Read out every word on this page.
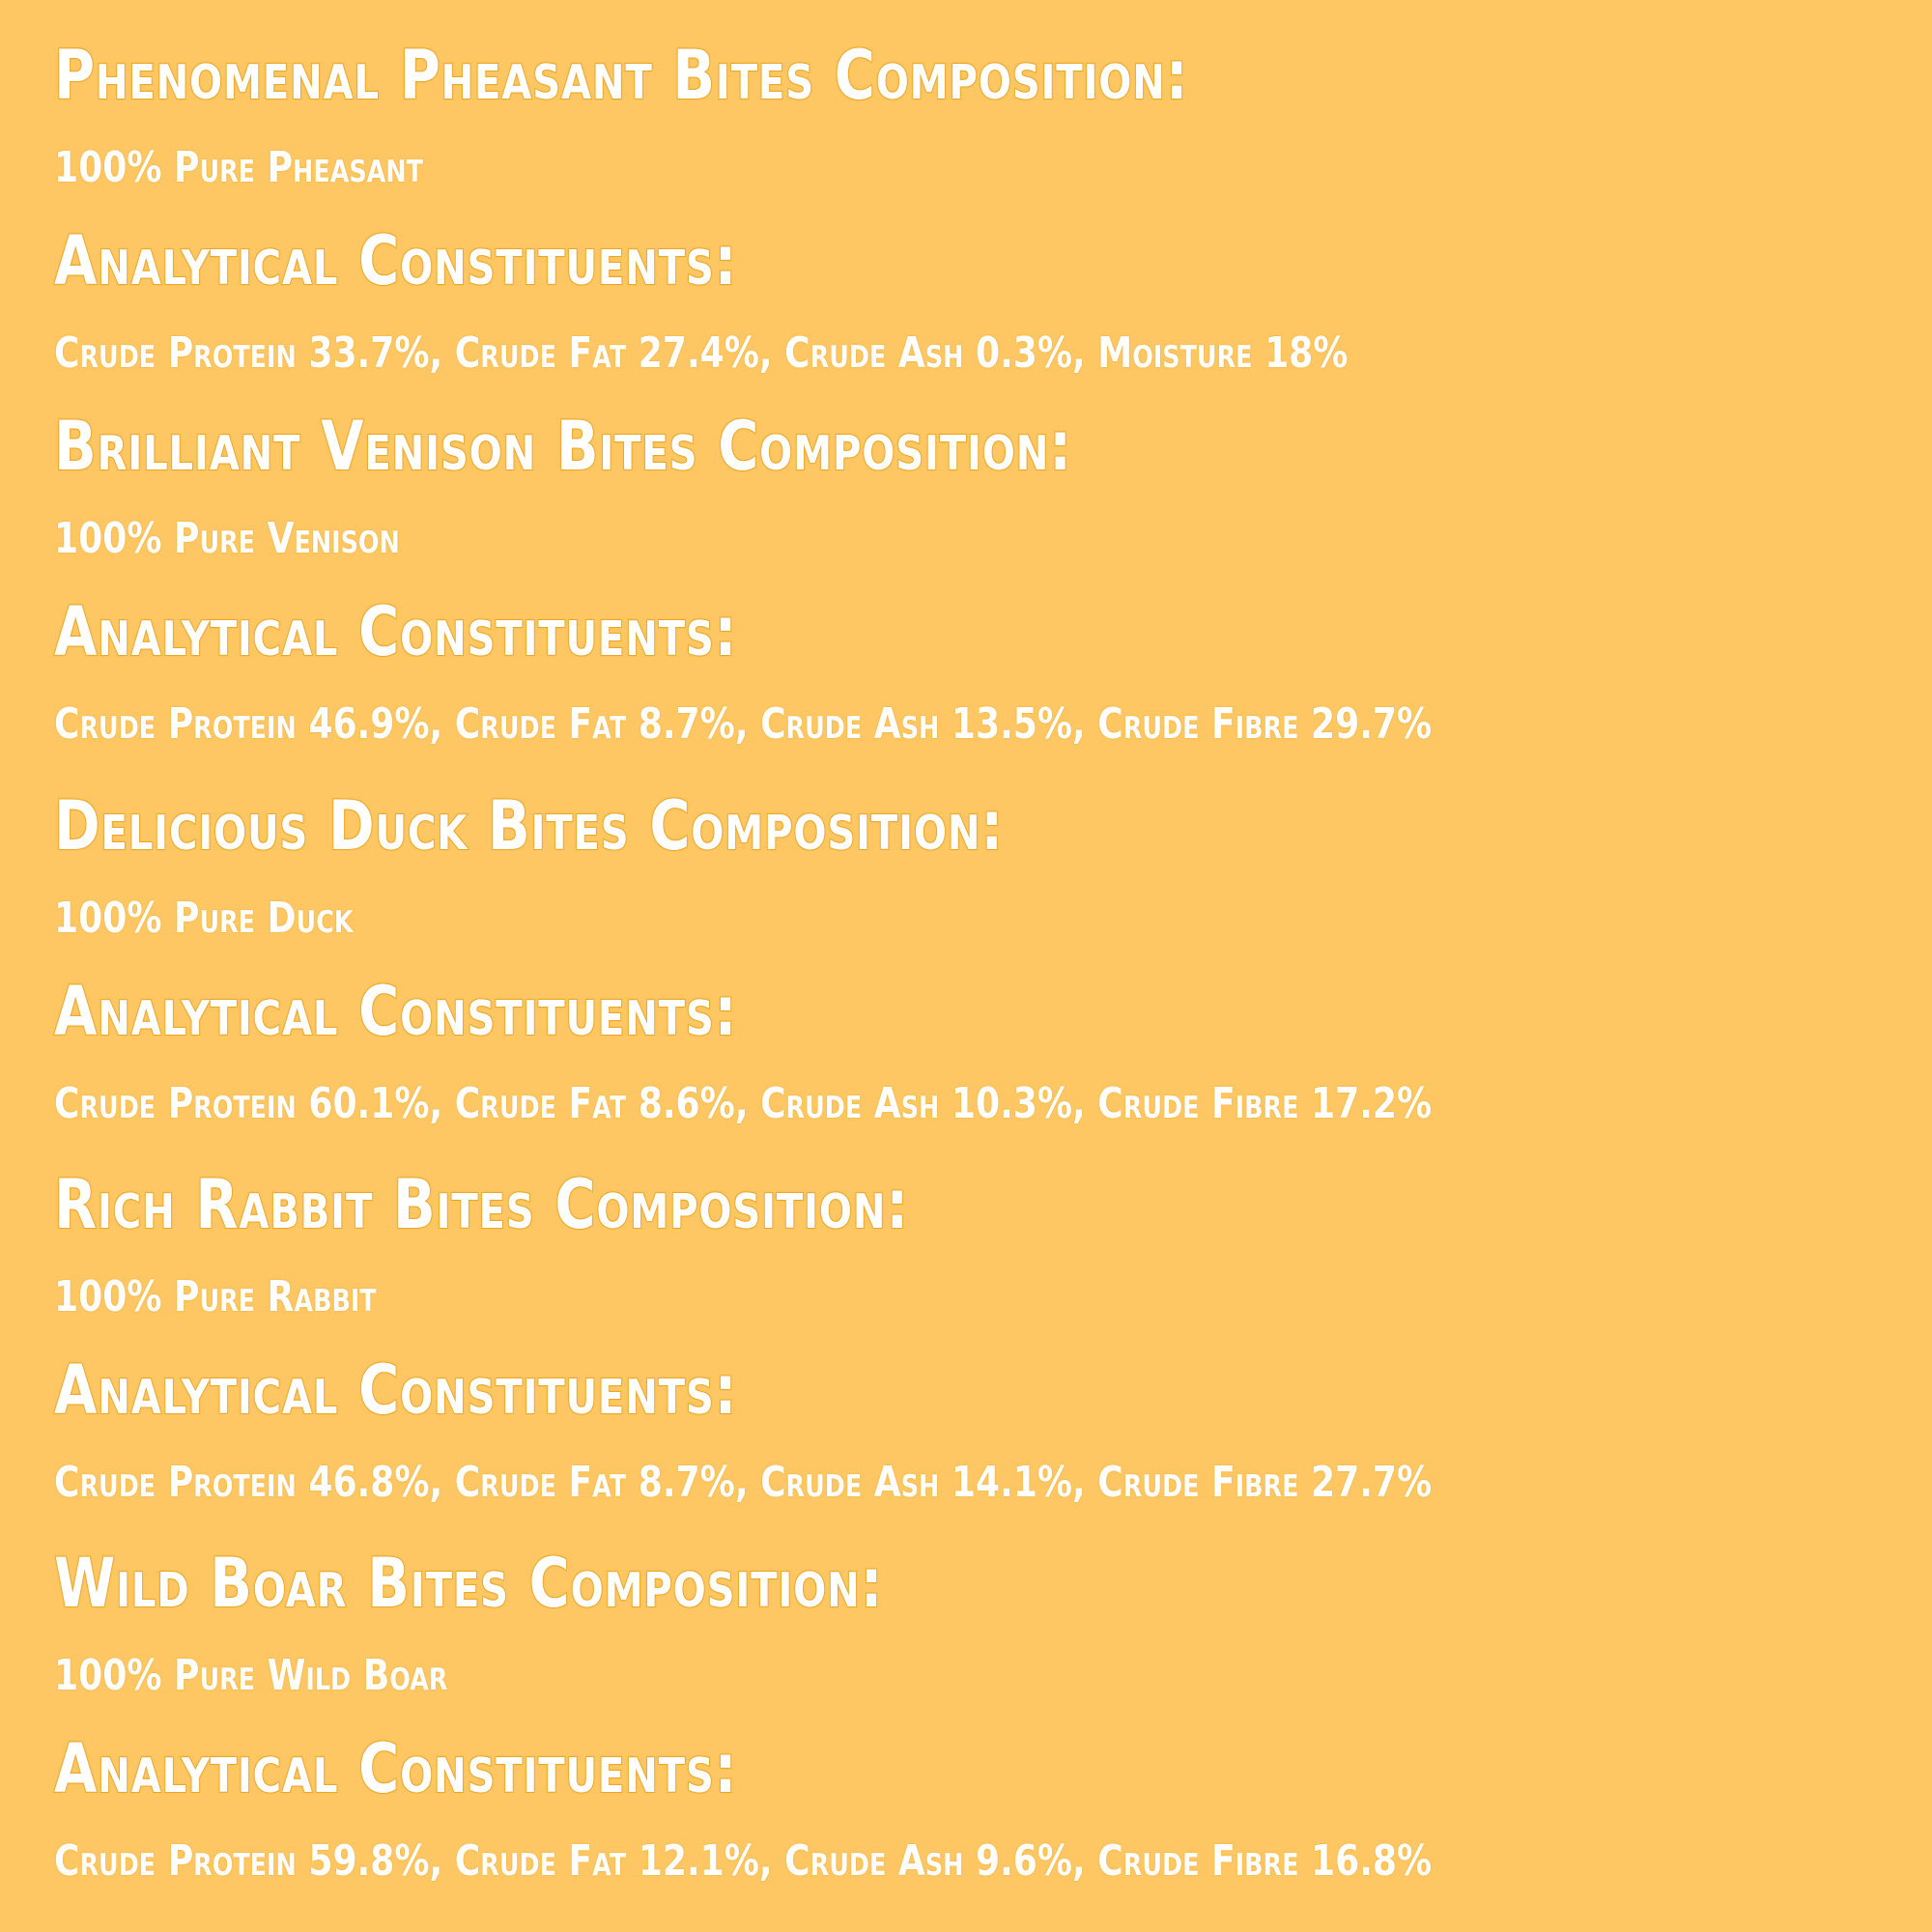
Phenomenal Pheasant Bites Composition:
100% Pure Pheasant
Analytical Constituents:
Crude Protein 33.7%, Crude Fat 27.4%, Crude Ash 0.3%, Moisture 18%
Brilliant Venison Bites Composition:
100% Pure Venison
Analytical Constituents:
Crude Protein 46.9%, Crude Fat 8.7%, Crude Ash 13.5%, Crude Fibre 29.7%
Delicious Duck Bites Composition:
100% Pure Duck
Analytical Constituents:
Crude Protein 60.1%, Crude Fat 8.6%, Crude Ash 10.3%, Crude Fibre 17.2%
Rich Rabbit Bites Composition:
100% Pure Rabbit
Analytical Constituents:
Crude Protein 46.8%, Crude Fat 8.7%, Crude Ash 14.1%, Crude Fibre 27.7%
Wild Boar Bites Composition:
100% Pure Wild Boar
Analytical Constituents:
Crude Protein 59.8%, Crude Fat 12.1%, Crude Ash 9.6%, Crude Fibre 16.8%
